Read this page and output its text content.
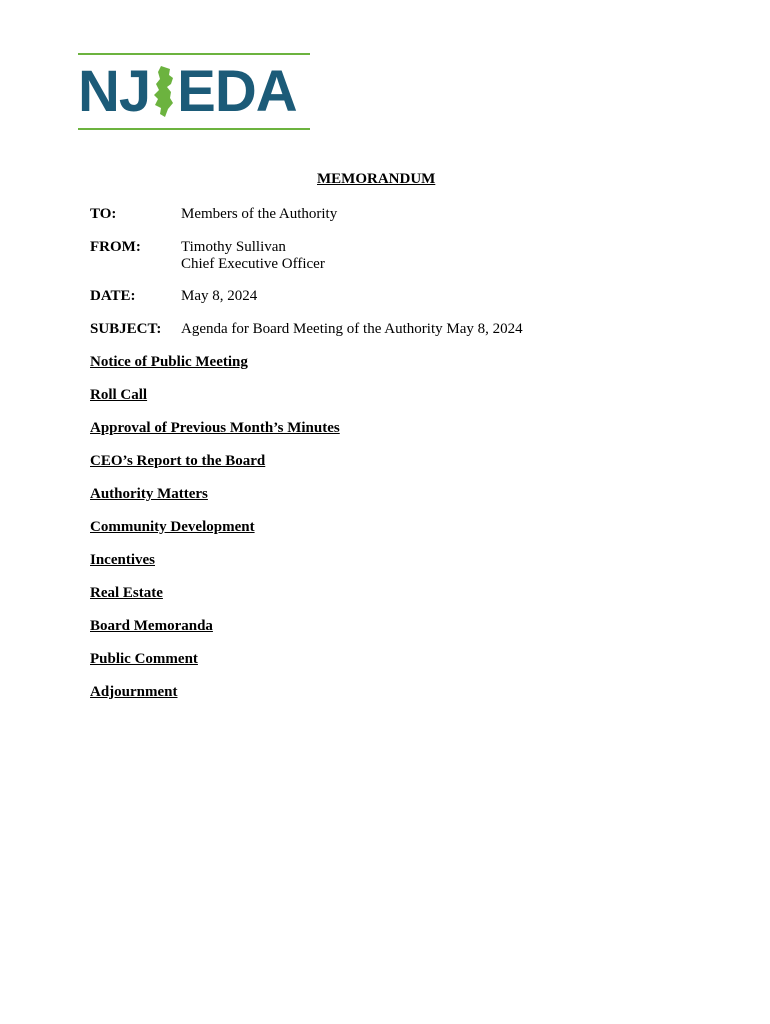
NJ EDA
MEMORANDUM
TO:	Members of the Authority
FROM:	Timothy Sullivan
Chief Executive Officer
DATE:	May 8, 2024
SUBJECT: Agenda for Board Meeting of the Authority May 8, 2024

Notice of Public Meeting

Roll Call

Approval of Previous Month’s Minutes

CEO’s Report to the Board

Authority Matters

Community Development

Incentives

Real Estate

Board Memoranda

Public Comment

Adjournment
